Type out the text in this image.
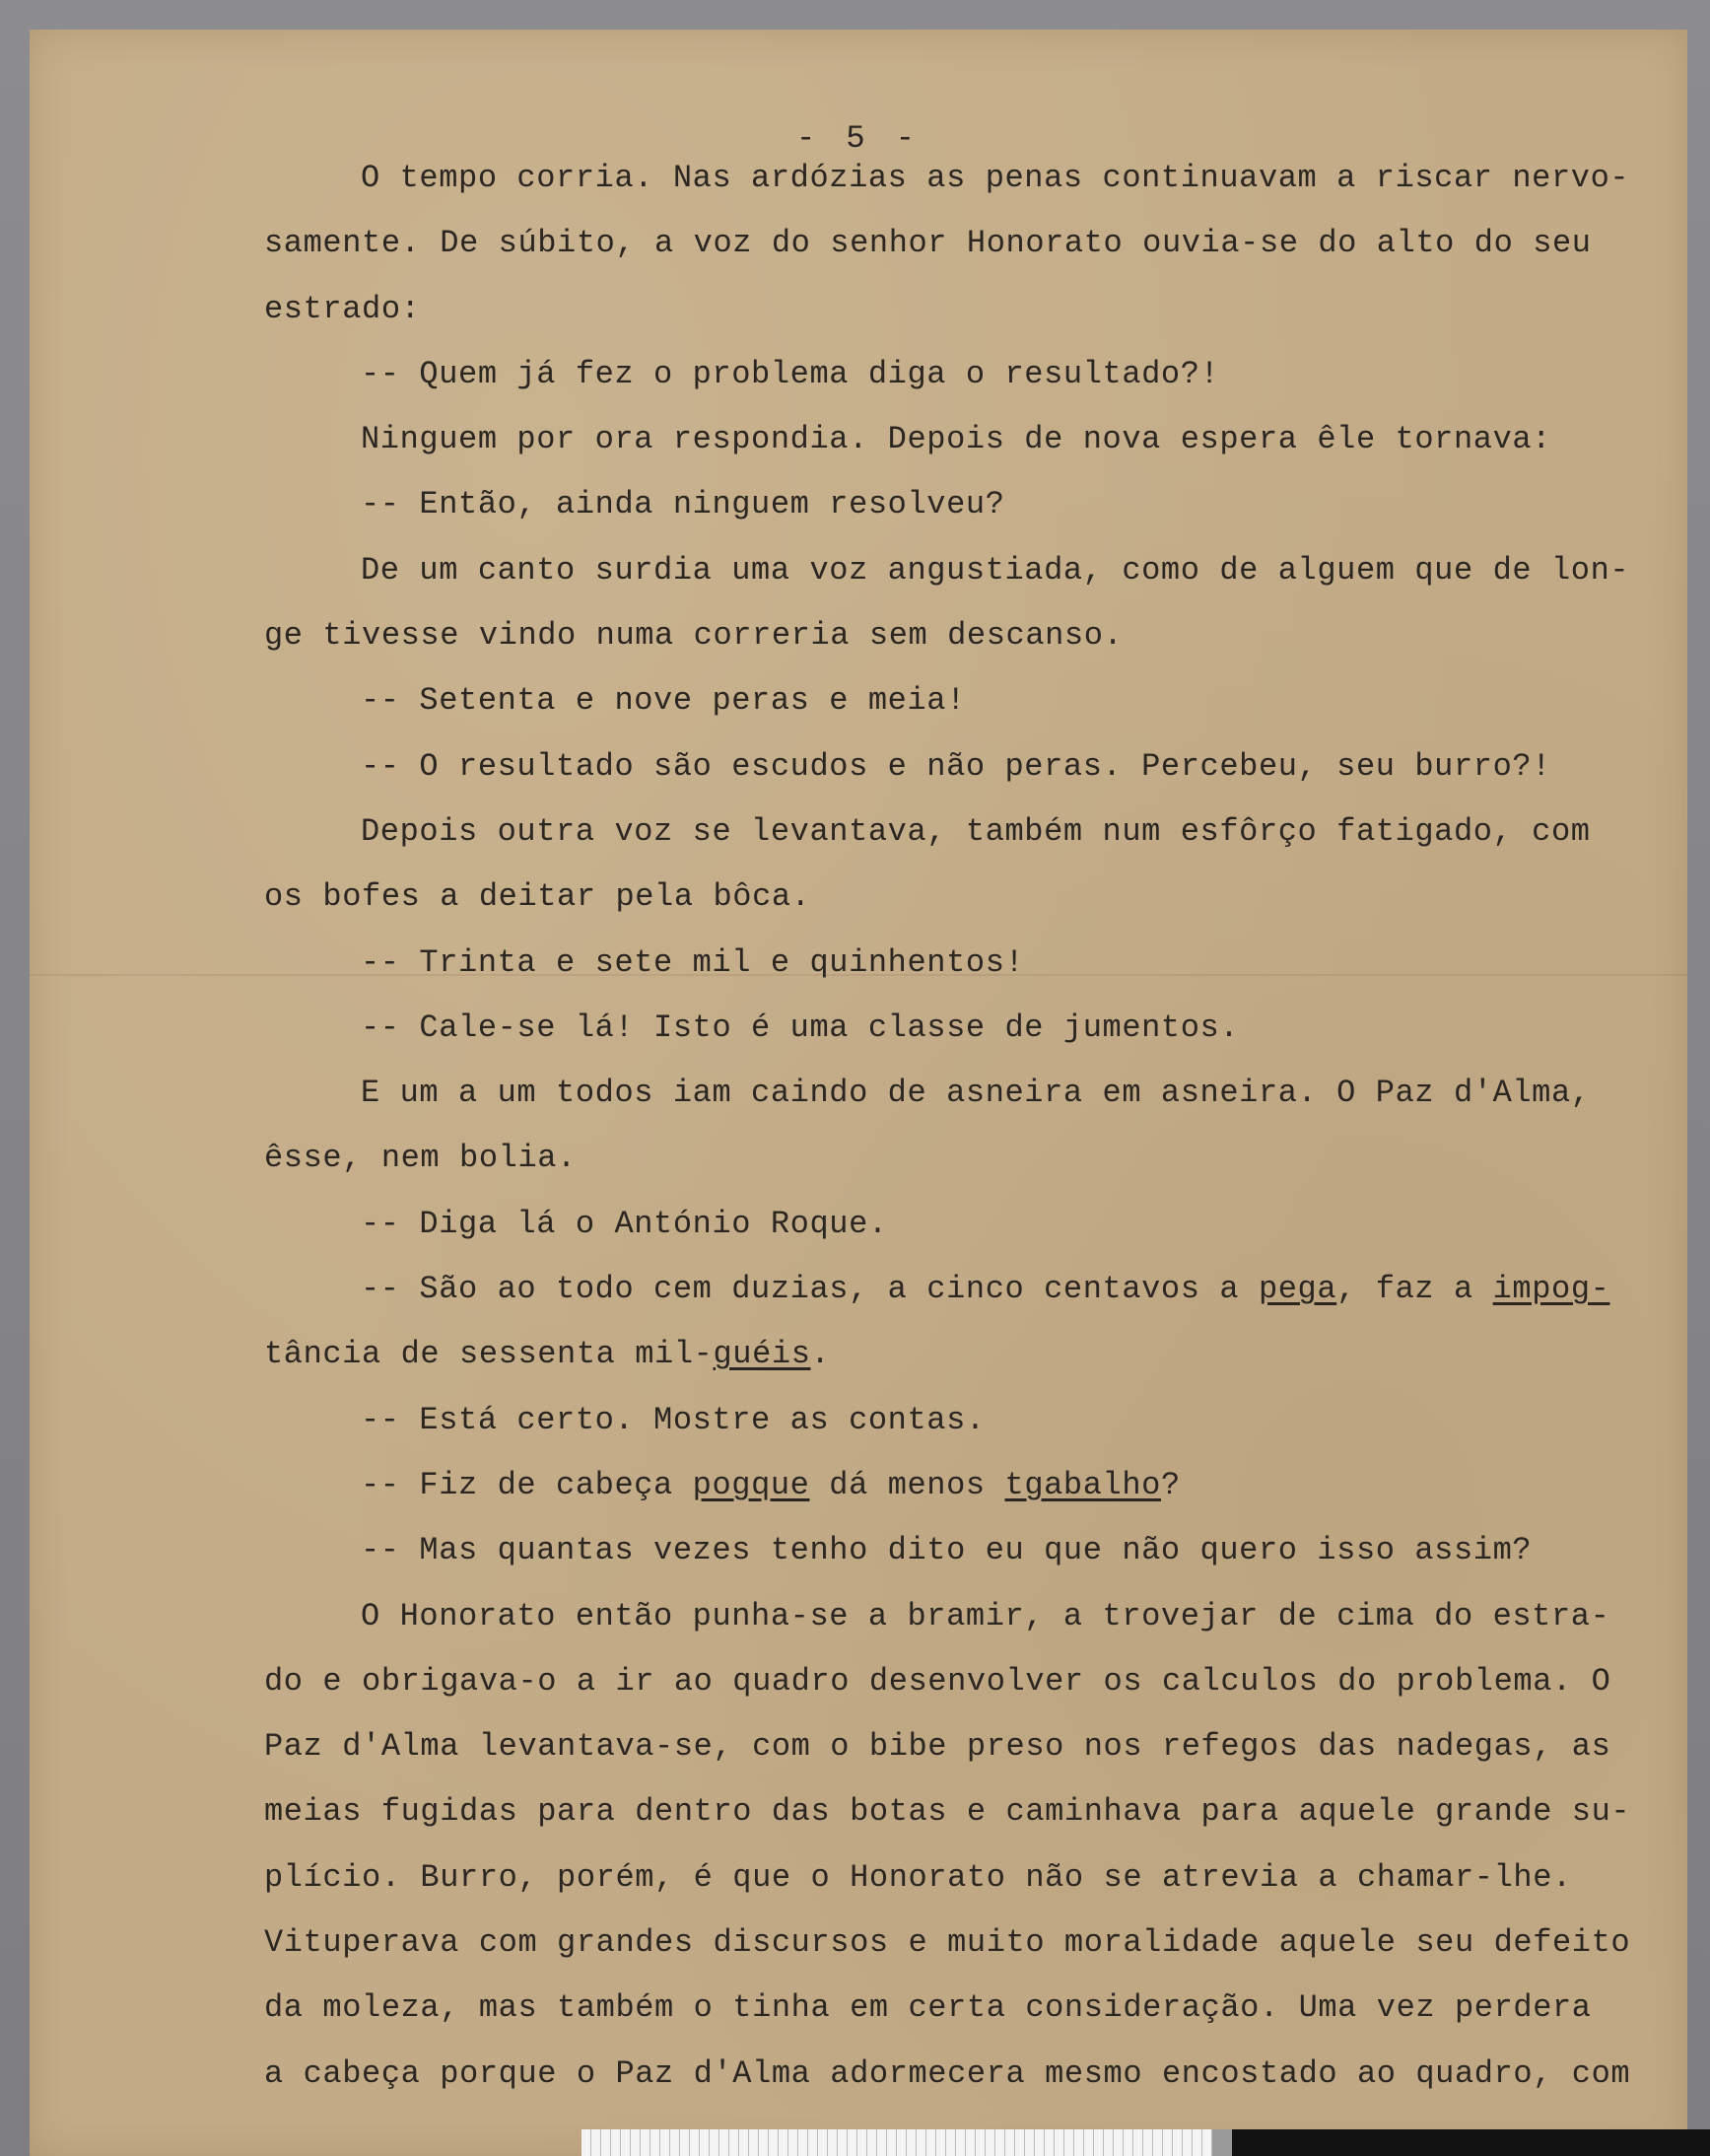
- 5 -
O tempo corria. Nas ardózias as penas continuavam a riscar nervo-
samente. De súbito, a voz do senhor Honorato ouvia-se do alto do seu
estrado:
-- Quem já fez o problema diga o resultado?!
Ninguem por ora respondia. Depois de nova espera êle tornava:
-- Então, ainda ninguem resolveu?
De um canto surdia uma voz angustiada, como de alguem que de lon-
ge tivesse vindo numa correria sem descanso.
-- Setenta e nove peras e meia!
-- O resultado são escudos e não peras. Percebeu, seu burro?!
Depois outra voz se levantava, também num esfôrço fatigado, com
os bofes a deitar pela bôca.
-- Trinta e sete mil e quinhentos!
-- Cale-se lá! Isto é uma classe de jumentos.
E um a um todos iam caindo de asneira em asneira. O Paz d'Alma,
êsse, nem bolia.
-- Diga lá o António Roque.
-- São ao todo cem duzias, a cinco centavos a pega, faz a impog-
tância de sessenta mil-guéis.
-- Está certo. Mostre as contas.
-- Fiz de cabeça pogque dá menos tgabalho?
-- Mas quantas vezes tenho dito eu que não quero isso assim?
O Honorato então punha-se a bramir, a trovejar de cima do estra-
do e obrigava-o a ir ao quadro desenvolver os calculos do problema. O
Paz d'Alma levantava-se, com o bibe preso nos refegos das nadegas, as
meias fugidas para dentro das botas e caminhava para aquele grande su-
plício. Burro, porém, é que o Honorato não se atrevia a chamar-lhe.
Vituperava com grandes discursos e muito moralidade aquele seu defeito
da moleza, mas também o tinha em certa consideração. Uma vez perdera
a cabeça porque o Paz d'Alma adormecera mesmo encostado ao quadro, com
